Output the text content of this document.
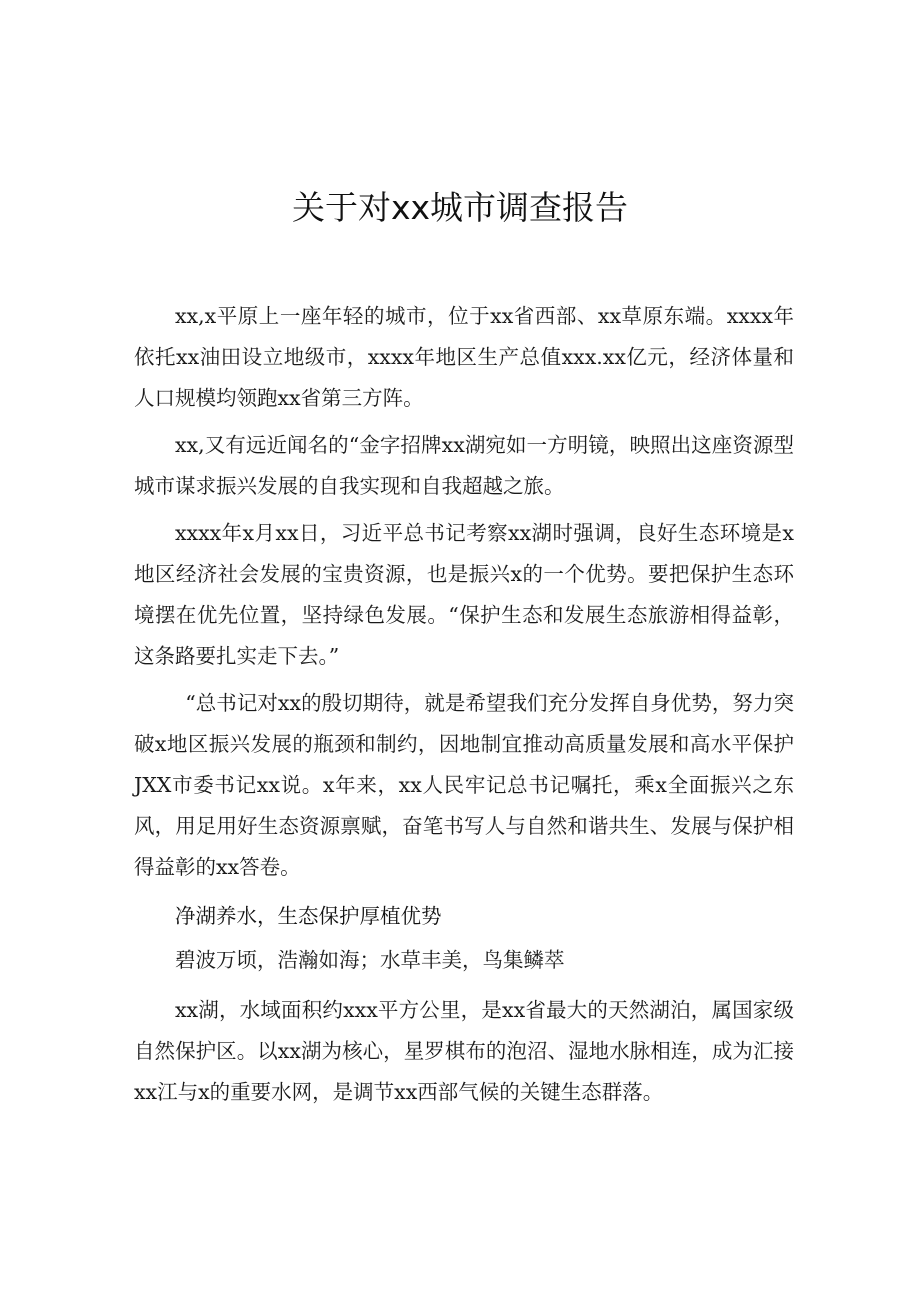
关于对xx城市调查报告

xx,x平原上一座年轻的城市，位于xx省西部、xx草原东端。xxxx年依托xx油田设立地级市，xxxx年地区生产总值xxx.xx亿元，经济体量和人口规模均领跑xx省第三方阵。

xx,又有远近闻名的“金字招牌xx湖宛如一方明镜，映照出这座资源型城市谋求振兴发展的自我实现和自我超越之旅。

xxxx年x月xx日，习近平总书记考察xx湖时强调，良好生态环境是x地区经济社会发展的宝贵资源，也是振兴x的一个优势。要把保护生态环境摆在优先位置，坚持绿色发展。“保护生态和发展生态旅游相得益彰，这条路要扎实走下去。”

“总书记对xx的殷切期待，就是希望我们充分发挥自身优势，努力突破x地区振兴发展的瓶颈和制约，因地制宜推动高质量发展和高水平保护JXX市委书记xx说。x年来，xx人民牢记总书记嘱托，乘x全面振兴之东风，用足用好生态资源禀赋，奋笔书写人与自然和谐共生、发展与保护相得益彰的xx答卷。

净湖养水，生态保护厚植优势
碧波万顷，浩瀚如海；水草丰美，鸟集鳞萃

xx湖，水域面积约xxx平方公里，是xx省最大的天然湖泊，属国家级自然保护区。以xx湖为核心，星罗棋布的泡沼、湿地水脉相连，成为汇接xx江与x的重要水网，是调节xx西部气候的关键生态群落。
